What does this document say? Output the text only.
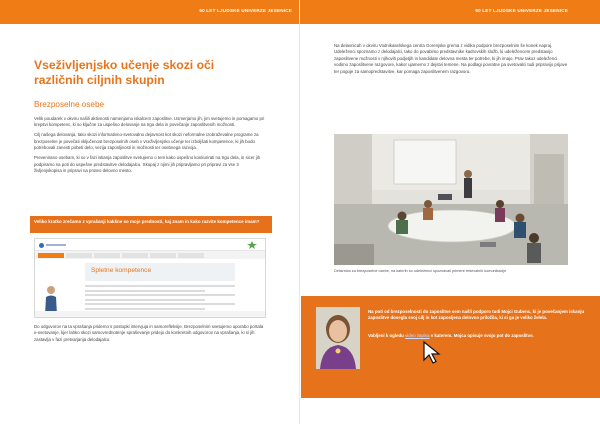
60 LET LJUDSKE UNIVERZE JESENICE
Vseživljenjsko učenje skozi oči različnih ciljnih skupin
Brezposelne osebe

Velik poudarek v okviru našili aktivnosti namenjamo iskalcem zaposlitve. Usmerjamo jih, jim svetujemo in pomagamo pri krepitvi kompetenc, ki so ključne za uspešno delovanje na trgu dela in povečanje zaposlitvenih možnosti.

Cilj našega delovanja, tako skozi informativno-svetovalno dejavnost kot skozi neformalne izobraževalne programe za brezposelne je povečati vključenost brezposelnih oseb v vseživljenjsko učenje ter izboljšati kompetence, ki jih bodo potrebovali zanesti pobeti delo, vezija zaposljivosti in možnosti ter osebnega razvoja.

Prevenirano osebam, ki so v fazi iskanja zaposlitve svetujemo o tem kako uspešno konkurirati na trgu dela, in sicer jih podpiramo na poti do uspešne predstavitve delodajalcu. Skupaj z njimi jih pripravljamo pri pripravi za vse 3 življenjskopisa in pripravi na proteo delovno mesto.

Veliko kratko zrečamo z vprašanji kakšne so moje prednosti, kaj znam in kako razvite kompetence imam?
Spletne kompetence

Do odgovorov na ta vprašanja pridemo s postopki intervjuja in samorefleksije. Brezposelnim svetujemo uporabo portala e-svetovanje, kjer lahko skozi samovrednotenje spraševanje pridejo do konkretnih odgovorov na vprašanja, ki si jih zastavlja v fazi pretvarjanja delodajalcu.

60 LET LJUDSKE UNIVERZE JESENICE

Na delavnicah v okviru Vodnikaselskega centra Gorenjske grema z vidika podpore brezposelnim še konek napraj. Udeleženci spoznamo z delodajalci, tako do povabimo predstavnike kadrovskih služb, ki udeležencem predstavijo zaposlitvene možnosti v njihovih podjetjih in kandidate delovna mesta ter potrebe, ki jih imajo. Prav takoz udeleženci vodimo zaposlitvene razgovore, kakor ujamemo z dejstvi temene. Na podlagi povratne pa svetovalci tudi pripravijo prijave ter pogoje za samopredstavitve, kar pomaga zaposlitvenem razgovoru.

Delavnica za brezposelne osebe, na katerih so udeleženci spoznavali primere reševalnih komunikacije
Na poti od brezposelnosti do zaposlitve sem našli podporo tudi Mojci Gubenc, ki je povečanjem iskanju zaposlitve dosegla svoj cilj in kot zaposljena delovno priložila, ki si ga je veliko želela.
Vabljeni k ogledu video zapisa v katerem. Mojca opisuje svojo pot do zaposlitve.
